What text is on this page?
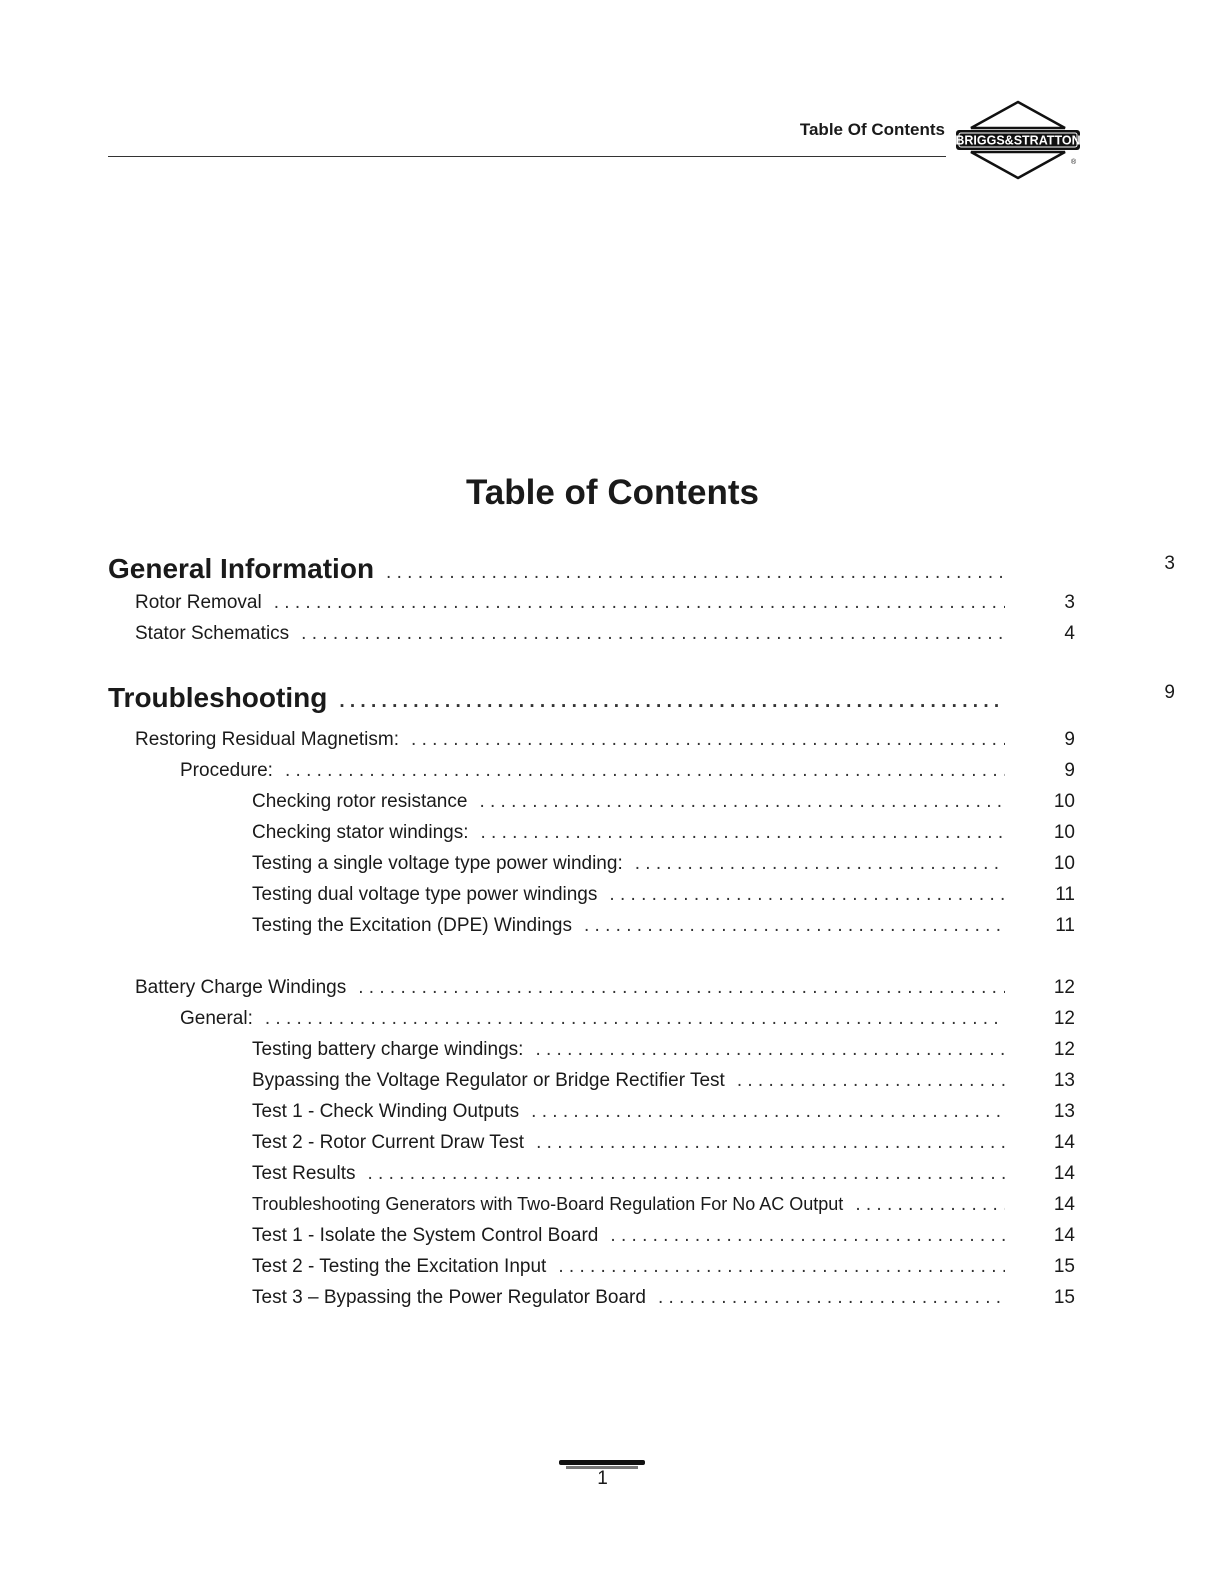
Table Of Contents
BRIGGS&STRATTON
®
Table of Contents
General Information . . .	3
Rotor Removal . . .	3
Stator Schematics . . .	4
Troubleshooting . . .	9
Restoring Residual Magnetism: . . .	9
Procedure: . . .	9
Checking rotor resistance . . .	10
Checking stator windings: . . .	10
Testing a single voltage type power winding: . . .	10
Testing dual voltage type power windings . . .	11
Testing the Excitation (DPE) Windings . . .	11
Battery Charge Windings . . .	12
General: . . .	12
Testing battery charge windings: . . .	12
Bypassing the Voltage Regulator or Bridge Rectifier Test . . .	13
Test 1 - Check Winding Outputs . . .	13
Test 2 - Rotor Current Draw Test . . .	14
Test Results . . .	14
Troubleshooting Generators with Two-Board Regulation For No AC Output . . .	14
Test 1 - Isolate the System Control Board . . .	14
Test 2 - Testing the Excitation Input . . .	15
Test 3 – Bypassing the Power Regulator Board . . .	15
1
